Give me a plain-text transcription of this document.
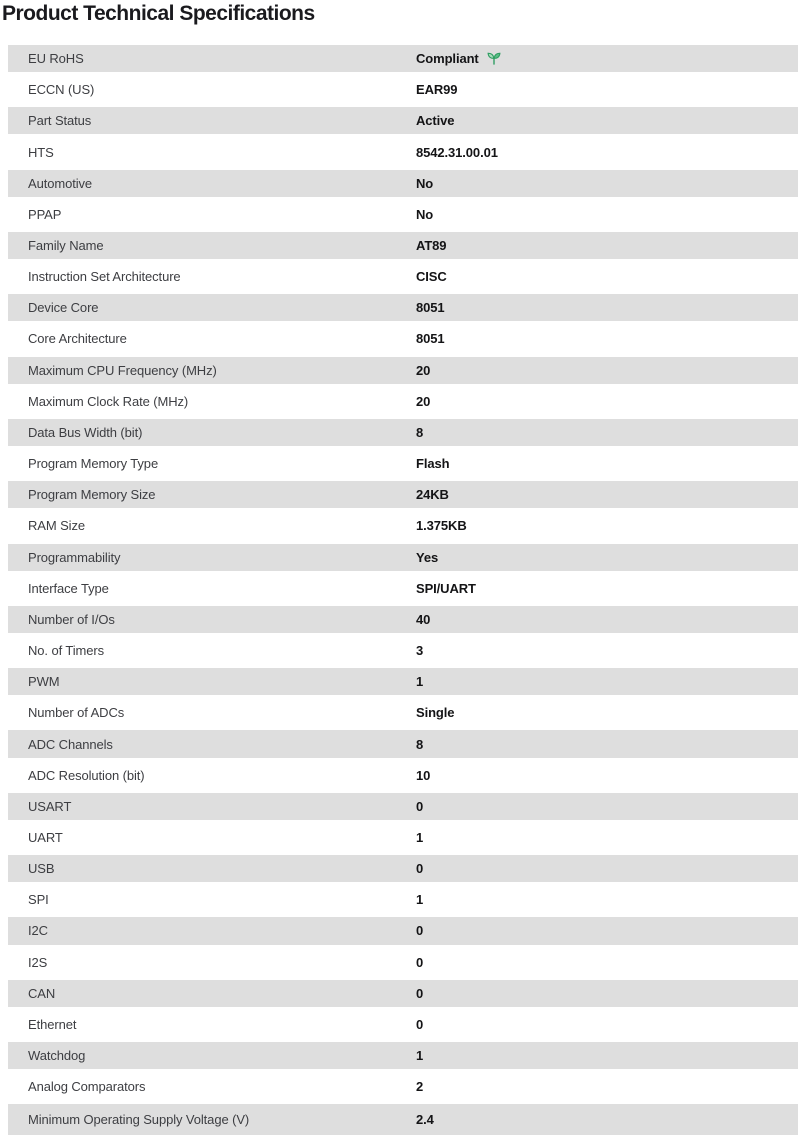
Product Technical Specifications
EU RoHS	Compliant
ECCN (US)	EAR99
Part Status	Active
HTS	8542.31.00.01
Automotive	No
PPAP	No
Family Name	AT89
Instruction Set Architecture	CISC
Device Core	8051
Core Architecture	8051
Maximum CPU Frequency (MHz)	20
Maximum Clock Rate (MHz)	20
Data Bus Width (bit)	8
Program Memory Type	Flash
Program Memory Size	24KB
RAM Size	1.375KB
Programmability	Yes
Interface Type	SPI/UART
Number of I/Os	40
No. of Timers	3
PWM	1
Number of ADCs	Single
ADC Channels	8
ADC Resolution (bit)	10
USART	0
UART	1
USB	0
SPI	1
I2C	0
I2S	0
CAN	0
Ethernet	0
Watchdog	1
Analog Comparators	2
Minimum Operating Supply Voltage (V)	2.4
